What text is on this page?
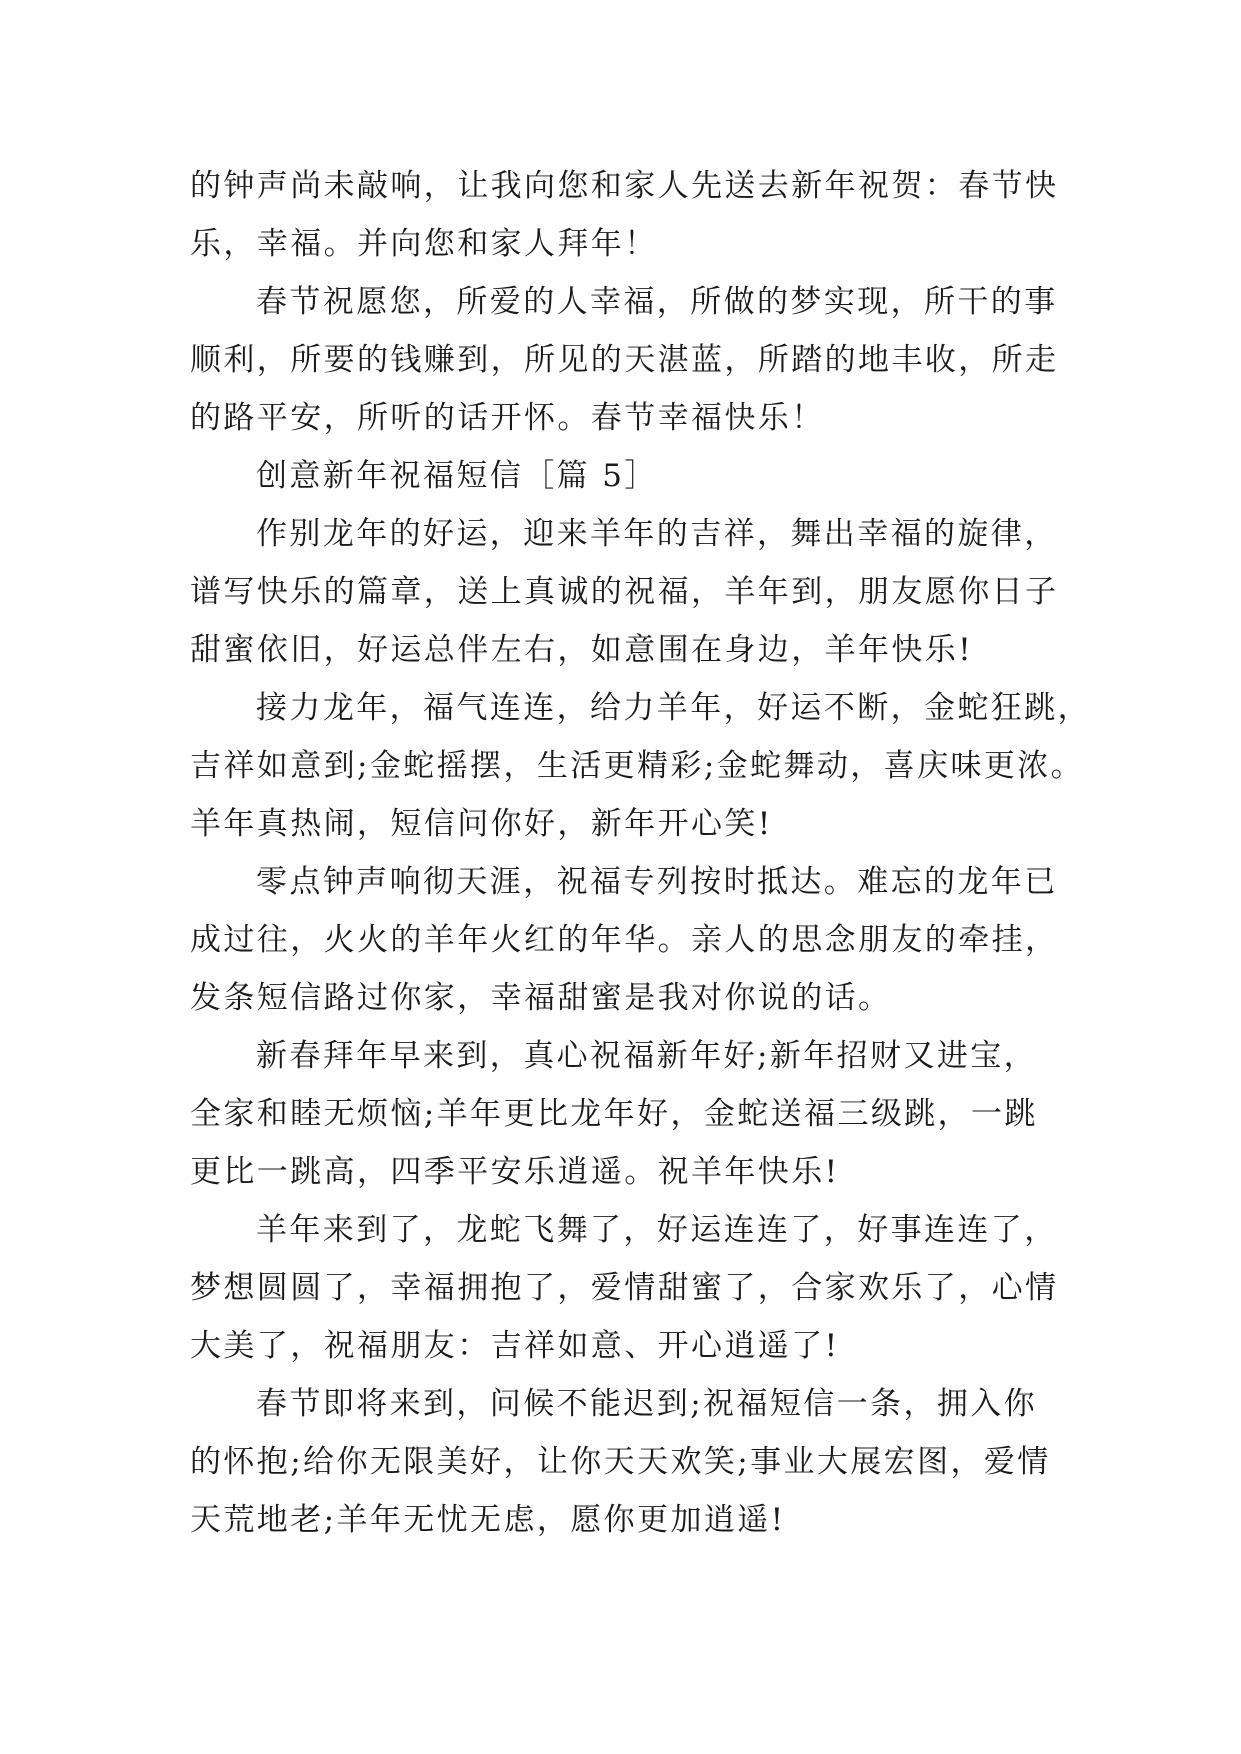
的钟声尚未敲响，让我向您和家人先送去新年祝贺：春节快
乐，幸福。并向您和家人拜年！
春节祝愿您，所爱的人幸福，所做的梦实现，所干的事
顺利，所要的钱赚到，所见的天湛蓝，所踏的地丰收，所走
的路平安，所听的话开怀。春节幸福快乐！
创意新年祝福短信［篇 5］
作别龙年的好运，迎来羊年的吉祥，舞出幸福的旋律，
谱写快乐的篇章，送上真诚的祝福，羊年到，朋友愿你日子
甜蜜依旧，好运总伴左右，如意围在身边，羊年快乐!
接力龙年，福气连连，给力羊年，好运不断，金蛇狂跳，
吉祥如意到;金蛇摇摆，生活更精彩;金蛇舞动，喜庆味更浓。
羊年真热闹，短信问你好，新年开心笑!
零点钟声响彻天涯，祝福专列按时抵达。难忘的龙年已
成过往，火火的羊年火红的年华。亲人的思念朋友的牵挂，
发条短信路过你家，幸福甜蜜是我对你说的话。
新春拜年早来到，真心祝福新年好;新年招财又进宝，
全家和睦无烦恼;羊年更比龙年好，金蛇送福三级跳，一跳
更比一跳高，四季平安乐逍遥。祝羊年快乐!
羊年来到了，龙蛇飞舞了，好运连连了，好事连连了，
梦想圆圆了，幸福拥抱了，爱情甜蜜了，合家欢乐了，心情
大美了，祝福朋友：吉祥如意、开心逍遥了!
春节即将来到，问候不能迟到;祝福短信一条，拥入你
的怀抱;给你无限美好，让你天天欢笑;事业大展宏图，爱情
天荒地老;羊年无忧无虑，愿你更加逍遥!
